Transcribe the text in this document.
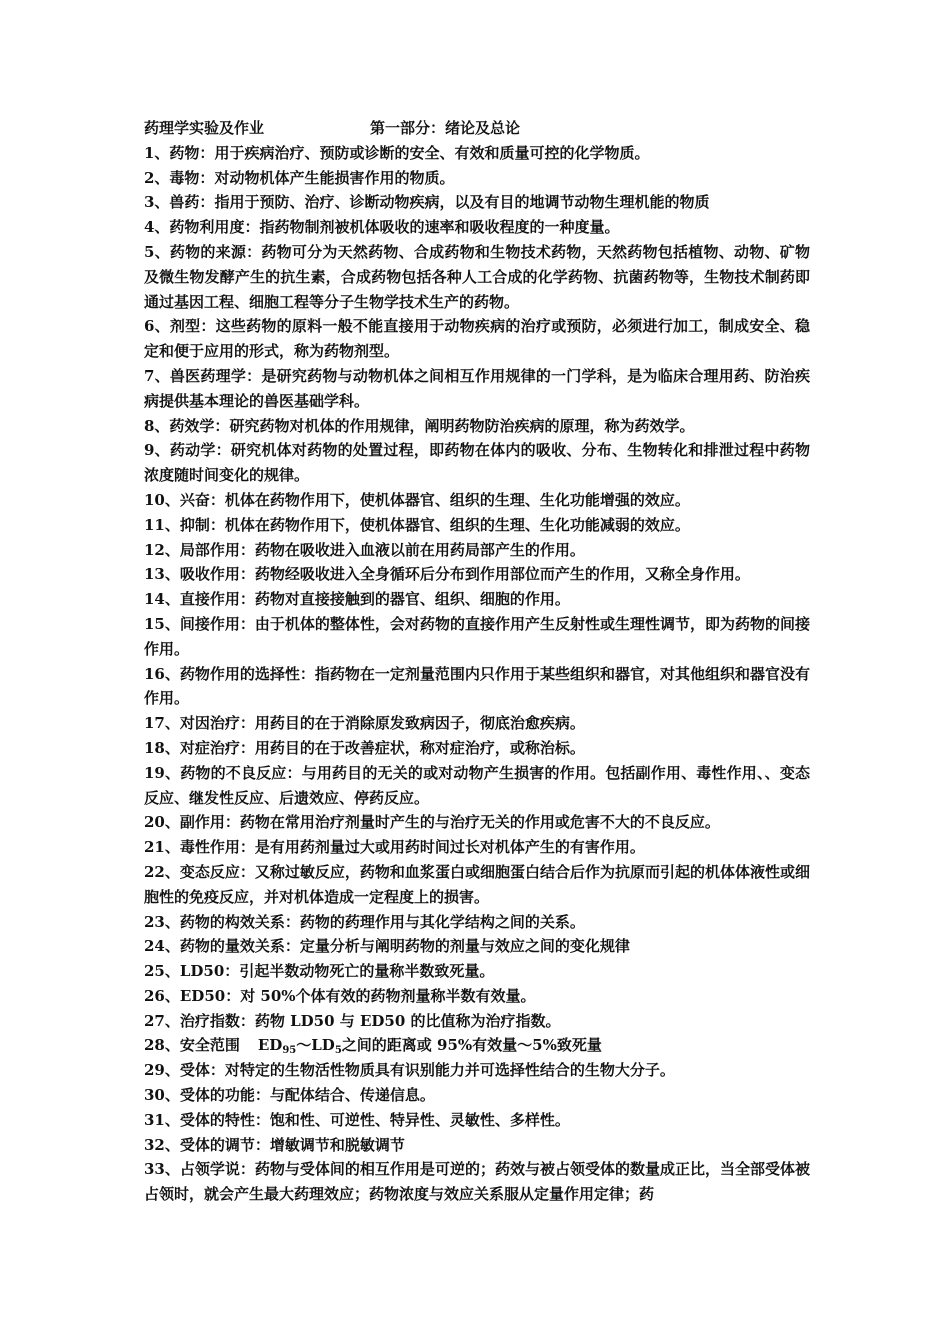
药理学实验及作业	第一部分：绪论及总论

1、药物：用于疾病治疗、预防或诊断的安全、有效和质量可控的化学物质。

2、毒物：对动物机体产生能损害作用的物质。

3、兽药：指用于预防、治疗、诊断动物疾病，以及有目的地调节动物生理机能的物质

4、药物利用度：指药物制剂被机体吸收的速率和吸收程度的一种度量。

5、药物的来源：药物可分为天然药物、合成药物和生物技术药物，天然药物包括植物、动物、矿物及微生物发酵产生的抗生素，合成药物包括各种人工合成的化学药物、抗菌药物等，生物技术制药即通过基因工程、细胞工程等分子生物学技术生产的药物。

6、剂型：这些药物的原料一般不能直接用于动物疾病的治疗或预防，必须进行加工，制成安全、稳定和便于应用的形式，称为药物剂型。

7、兽医药理学：是研究药物与动物机体之间相互作用规律的一门学科，是为临床合理用药、防治疾病提供基本理论的兽医基础学科。

8、药效学：研究药物对机体的作用规律，阐明药物防治疾病的原理，称为药效学。

9、药动学：研究机体对药物的处置过程，即药物在体内的吸收、分布、生物转化和排泄过程中药物浓度随时间变化的规律。

10、兴奋：机体在药物作用下，使机体器官、组织的生理、生化功能增强的效应。

11、抑制：机体在药物作用下，使机体器官、组织的生理、生化功能减弱的效应。

12、局部作用：药物在吸收进入血液以前在用药局部产生的作用。

13、吸收作用：药物经吸收进入全身循环后分布到作用部位而产生的作用，又称全身作用。

14、直接作用：药物对直接接触到的器官、组织、细胞的作用。

15、间接作用：由于机体的整体性，会对药物的直接作用产生反射性或生理性调节，即为药物的间接作用。

16、药物作用的选择性：指药物在一定剂量范围内只作用于某些组织和器官，对其他组织和器官没有作用。

17、对因治疗：用药目的在于消除原发致病因子，彻底治愈疾病。

18、对症治疗：用药目的在于改善症状，称对症治疗，或称治标。

19、药物的不良反应：与用药目的无关的或对动物产生损害的作用。包括副作用、毒性作用、、变态反应、继发性反应、后遗效应、停药反应。

20、副作用：药物在常用治疗剂量时产生的与治疗无关的作用或危害不大的不良反应。

21、毒性作用：是有用药剂量过大或用药时间过长对机体产生的有害作用。

22、变态反应：又称过敏反应，药物和血浆蛋白或细胞蛋白结合后作为抗原而引起的机体体液性或细胞性的免疫反应，并对机体造成一定程度上的损害。

23、药物的构效关系：药物的药理作用与其化学结构之间的关系。

24、药物的量效关系：定量分析与阐明药物的剂量与效应之间的变化规律

25、LD50：引起半数动物死亡的量称半数致死量。

26、ED50：对 50%个体有效的药物剂量称半数有效量。

27、治疗指数：药物 LD50 与 ED50 的比值称为治疗指数。

28、安全范围 $ED_{95}\sim LD_5$之间的距离或 95%有效量～5%致死量

29、受体：对特定的生物活性物质具有识别能力并可选择性结合的生物大分子。

30、受体的功能：与配体结合、传递信息。

31、受体的特性：饱和性、可逆性、特异性、灵敏性、多样性。

32、受体的调节：增敏调节和脱敏调节

33、占领学说：药物与受体间的相互作用是可逆的；药效与被占领受体的数量成正比，当全部受体被占领时，就会产生最大药理效应；药物浓度与效应关系服从定量作用定律；药
